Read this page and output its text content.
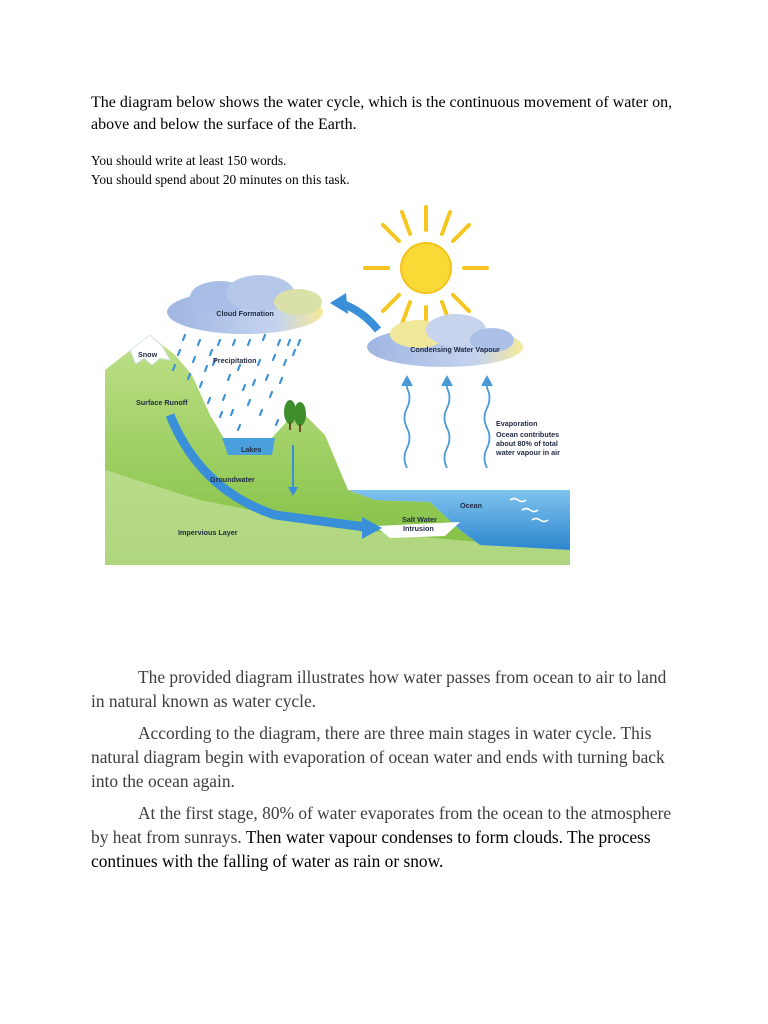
The diagram below shows the water cycle, which is the continuous movement of water on, above and below the surface of the Earth.

You should write at least 150 words.
You should spend about 20 minutes on this task.
Cloud Formation
Condensing Water Vapour
Snow
Precipitation
Surface Runoff
Lakes
Groundwater
Impervious Layer
Ocean
Salt Water
Intrusion
Evaporation
Ocean contributes
about 80% of total
water vapour in air

The provided diagram illustrates how water passes from ocean to air to land in natural known as water cycle.

According to the diagram, there are three main stages in water cycle. This natural diagram begin with evaporation of ocean water and ends with turning back into the ocean again.

At the first stage, 80% of water evaporates from the ocean to the atmosphere by heat from sunrays. Then water vapour condenses to form clouds. The process continues with the falling of water as rain or snow.
